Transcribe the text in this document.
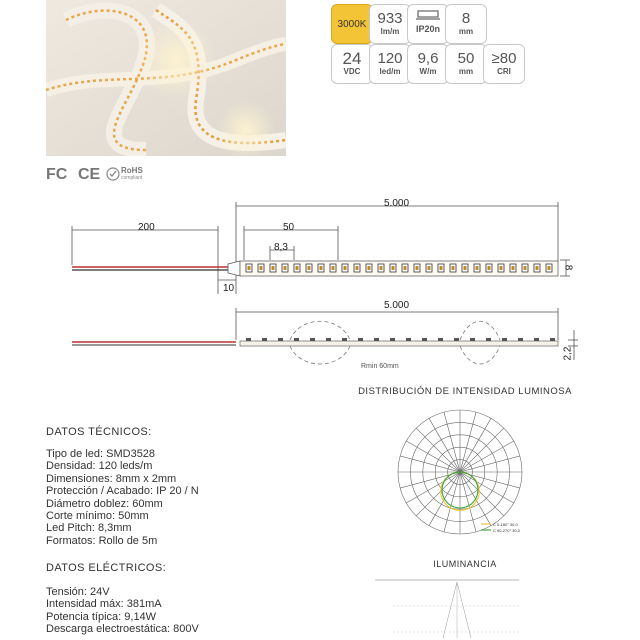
3000K 933
lm/m	IP20n
8
mm
24
VDC
120
led/m
9,6
W/m
50
mm
≥80
CRI
FC CE	RoHS
compliant
200
5.000
50
8,3
10
8
5.000
2,2
Rmin 60mm
DISTRIBUCIÓN DE INTENSIDAD LUMINOSA
C 0-180° 30,0
C 90-270° 30,0
ILUMINANCIA
DATOS TÉCNICOS:
Tipo de led: SMD3528
Densidad: 120 leds/m
Dimensiones: 8mm x 2mm
Protección / Acabado: IP 20 / N
Diámetro doblez: 60mm
Corte mínimo: 50mm
Led Pitch: 8,3mm
Formatos: Rollo de 5m
DATOS ELÉCTRICOS:
Tensión: 24V
Intensidad máx: 381mA
Potencia típica: 9,14W
Descarga electroestática: 800V
